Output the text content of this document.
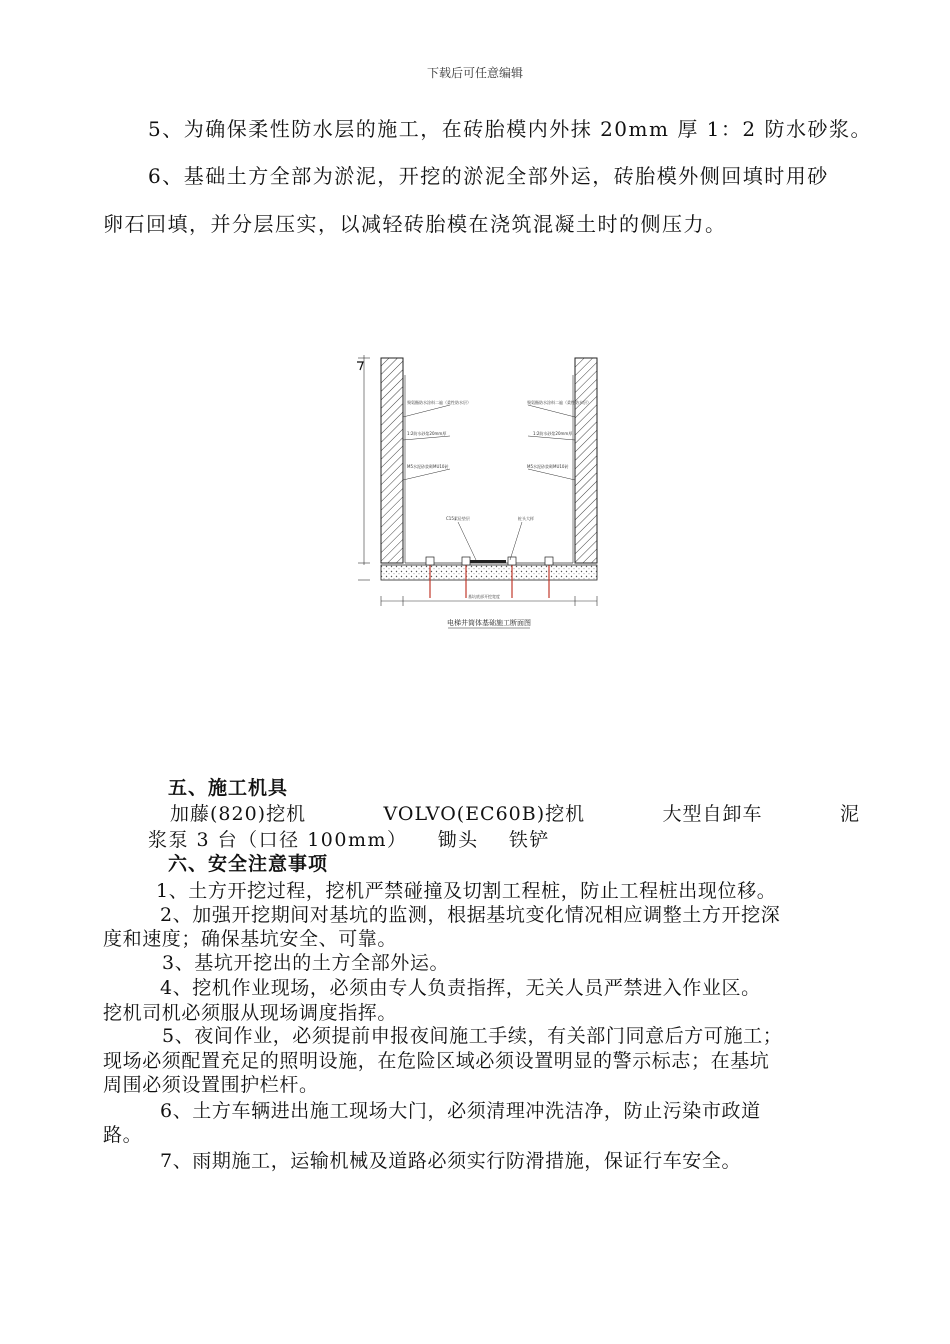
下载后可任意编辑
5、为确保柔性防水层的施工，在砖胎模内外抹 20mm 厚 1：2 防水砂浆。
6、基础土方全部为淤泥，开挖的淤泥全部外运，砖胎模外侧回填时用砂
卵石回填，并分层压实，以减轻砖胎模在浇筑混凝土时的侧压力。
聚氨酯防水涂料二遍（柔性防水层）
1:2防水砂浆20mm厚
M5水泥砂浆砌MU10砖
聚氨酯防水涂料二遍（柔性防水层）
1:2防水砂浆20mm厚
M5水泥砂浆砌MU10砖
C15素砼垫层	桩头大样
基坑底部开挖宽度
电梯井筒体基础施工断面图
五、施工机具
加藤(820)挖机	VOLVO(EC60B)挖机	大型自卸车	泥
浆泵 3 台（口径 100mm）    锄头    铁铲
六、安全注意事项
1、土方开挖过程，挖机严禁碰撞及切割工程桩，防止工程桩出现位移。
2、加强开挖期间对基坑的监测，根据基坑变化情况相应调整土方开挖深
度和速度；确保基坑安全、可靠。
3、基坑开挖出的土方全部外运。
4、挖机作业现场，必须由专人负责指挥，无关人员严禁进入作业区。
挖机司机必须服从现场调度指挥。
5、夜间作业，必须提前申报夜间施工手续，有关部门同意后方可施工；
现场必须配置充足的照明设施，在危险区域必须设置明显的警示标志；在基坑
周围必须设置围护栏杆。
6、土方车辆进出施工现场大门，必须清理冲洗洁净，防止污染市政道
路。
7、雨期施工，运输机械及道路必须实行防滑措施，保证行车安全。
